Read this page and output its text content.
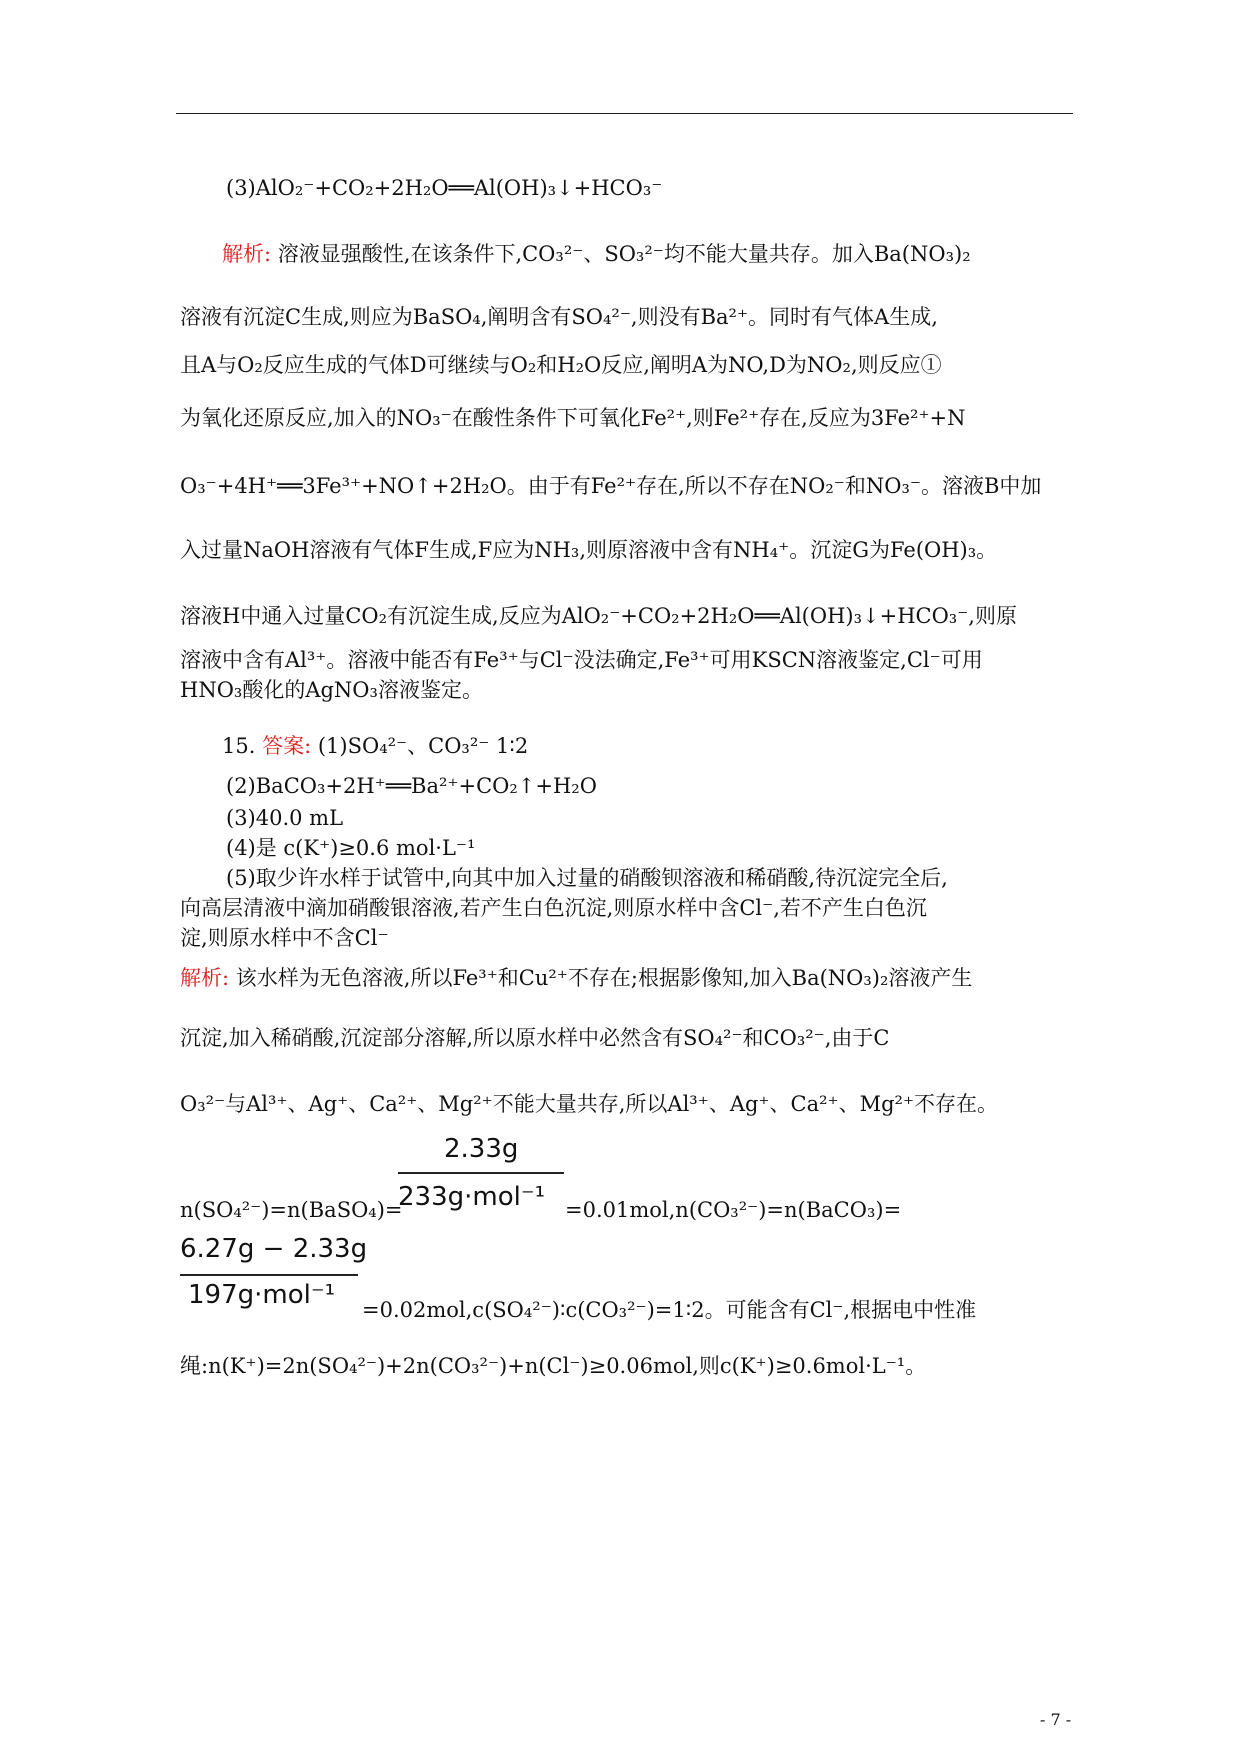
(3)AlO₂⁻+CO₂+2H₂O══Al(OH)₃↓+HCO₃⁻
解析: 溶液显强酸性,在该条件下,CO₃²⁻、SO₃²⁻均不能大量共存。加入Ba(NO₃)₂
溶液有沉淀C生成,则应为BaSO₄,阐明含有SO₄²⁻,则没有Ba²⁺。同时有气体A生成,
且A与O₂反应生成的气体D可继续与O₂和H₂O反应,阐明A为NO,D为NO₂,则反应①
为氧化还原反应,加入的NO₃⁻在酸性条件下可氧化Fe²⁺,则Fe²⁺存在,反应为3Fe²⁺+N
O₃⁻+4H⁺══3Fe³⁺+NO↑+2H₂O。由于有Fe²⁺存在,所以不存在NO₂⁻和NO₃⁻。溶液B中加
入过量NaOH溶液有气体F生成,F应为NH₃,则原溶液中含有NH₄⁺。沉淀G为Fe(OH)₃。
溶液H中通入过量CO₂有沉淀生成,反应为AlO₂⁻+CO₂+2H₂O══Al(OH)₃↓+HCO₃⁻,则原
溶液中含有Al³⁺。溶液中能否有Fe³⁺与Cl⁻没法确定,Fe³⁺可用KSCN溶液鉴定,Cl⁻可用
HNO₃酸化的AgNO₃溶液鉴定。
15. 答案: (1)SO₄²⁻、CO₃²⁻ 1∶2
(2)BaCO₃+2H⁺══Ba²⁺+CO₂↑+H₂O
(3)40.0 mL
(4)是 c(K⁺)≥0.6 mol·L⁻¹
(5)取少许水样于试管中,向其中加入过量的硝酸钡溶液和稀硝酸,待沉淀完全后,
向高层清液中滴加硝酸银溶液,若产生白色沉淀,则原水样中含Cl⁻,若不产生白色沉
淀,则原水样中不含Cl⁻
解析: 该水样为无色溶液,所以Fe³⁺和Cu²⁺不存在;根据影像知,加入Ba(NO₃)₂溶液产生
沉淀,加入稀硝酸,沉淀部分溶解,所以原水样中必然含有SO₄²⁻和CO₃²⁻,由于C
O₃²⁻与Al³⁺、Ag⁺、Ca²⁺、Mg²⁺不能大量共存,所以Al³⁺、Ag⁺、Ca²⁺、Mg²⁺不存在。
2.33g
233g·mol⁻¹
n(SO₄²⁻)=n(BaSO₄)=	=0.01mol,n(CO₃²⁻)=n(BaCO₃)=
6.27g − 2.33g
197g·mol⁻¹ =0.02mol,c(SO₄²⁻)∶c(CO₃²⁻)=1∶2。可能含有Cl⁻,根据电中性准
绳:n(K⁺)=2n(SO₄²⁻)+2n(CO₃²⁻)+n(Cl⁻)≥0.06mol,则c(K⁺)≥0.6mol·L⁻¹。
- 7 -
